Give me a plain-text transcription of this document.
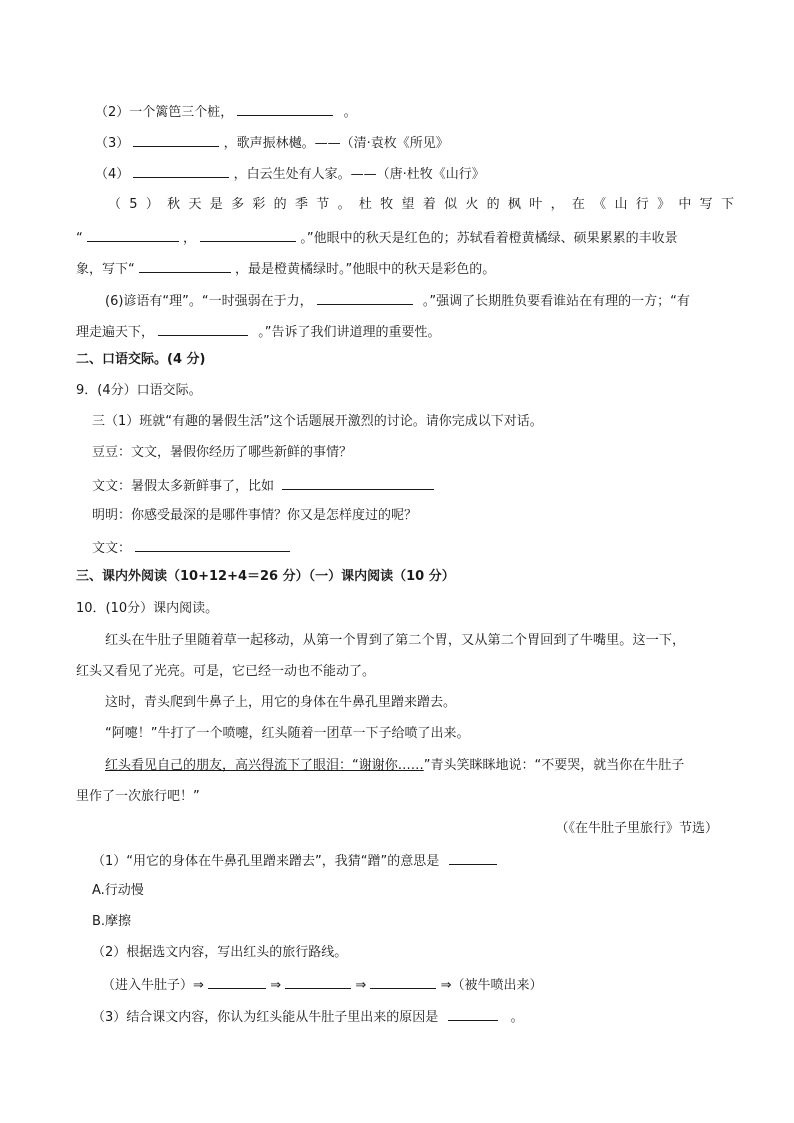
（2）一个篱笆三个桩，	。
（3）	，歌声振林樾。——（清·袁枚《所见》
（4）	，白云生处有人家。——（唐·杜牧《山行》
（5）秋天是多彩的季节。杜牧望着似火的枫叶，在《山行》中写下
“	，	。”他眼中的秋天是红色的；苏轼看着橙黄橘绿、硕果累累的丰收景
象，写下“	，最是橙黄橘绿时。”他眼中的秋天是彩色的。
(6)谚语有“理”。“一时强弱在于力，	。”强调了长期胜负要看谁站在有理的一方；“有
理走遍天下，	。”告诉了我们讲道理的重要性。
二、口语交际。(4 分)
9．(4分）口语交际。
三（1）班就“有趣的暑假生活”这个话题展开激烈的讨论。请你完成以下对话。
豆豆：文文，暑假你经历了哪些新鲜的事情？
文文：暑假太多新鲜事了，比如
明明：你感受最深的是哪件事情？你又是怎样度过的呢？
文文：
三、课内外阅读（10+12+4＝26 分）（一）课内阅读（10 分）
10．(10分）课内阅读。
红头在牛肚子里随着草一起移动，从第一个胃到了第二个胃，又从第二个胃回到了牛嘴里。这一下，
红头又看见了光亮。可是，它已经一动也不能动了。
这时，青头爬到牛鼻子上，用它的身体在牛鼻孔里蹭来蹭去。
“阿嚏！”牛打了一个喷嚏，红头随着一团草一下子给喷了出来。
红头看见自己的朋友，高兴得流下了眼泪：“谢谢你……”青头笑眯眯地说：“不要哭，就当你在牛肚子
里作了一次旅行吧！”
（《在牛肚子里旅行》节选）
（1）“用它的身体在牛鼻孔里蹭来蹭去”，我猜“蹭”的意思是
A.行动慢
B.摩擦
（2）根据选文内容，写出红头的旅行路线。
（进入牛肚子）⇒	⇒	⇒	⇒（被牛喷出来）
（3）结合课文内容，你认为红头能从牛肚子里出来的原因是	。
